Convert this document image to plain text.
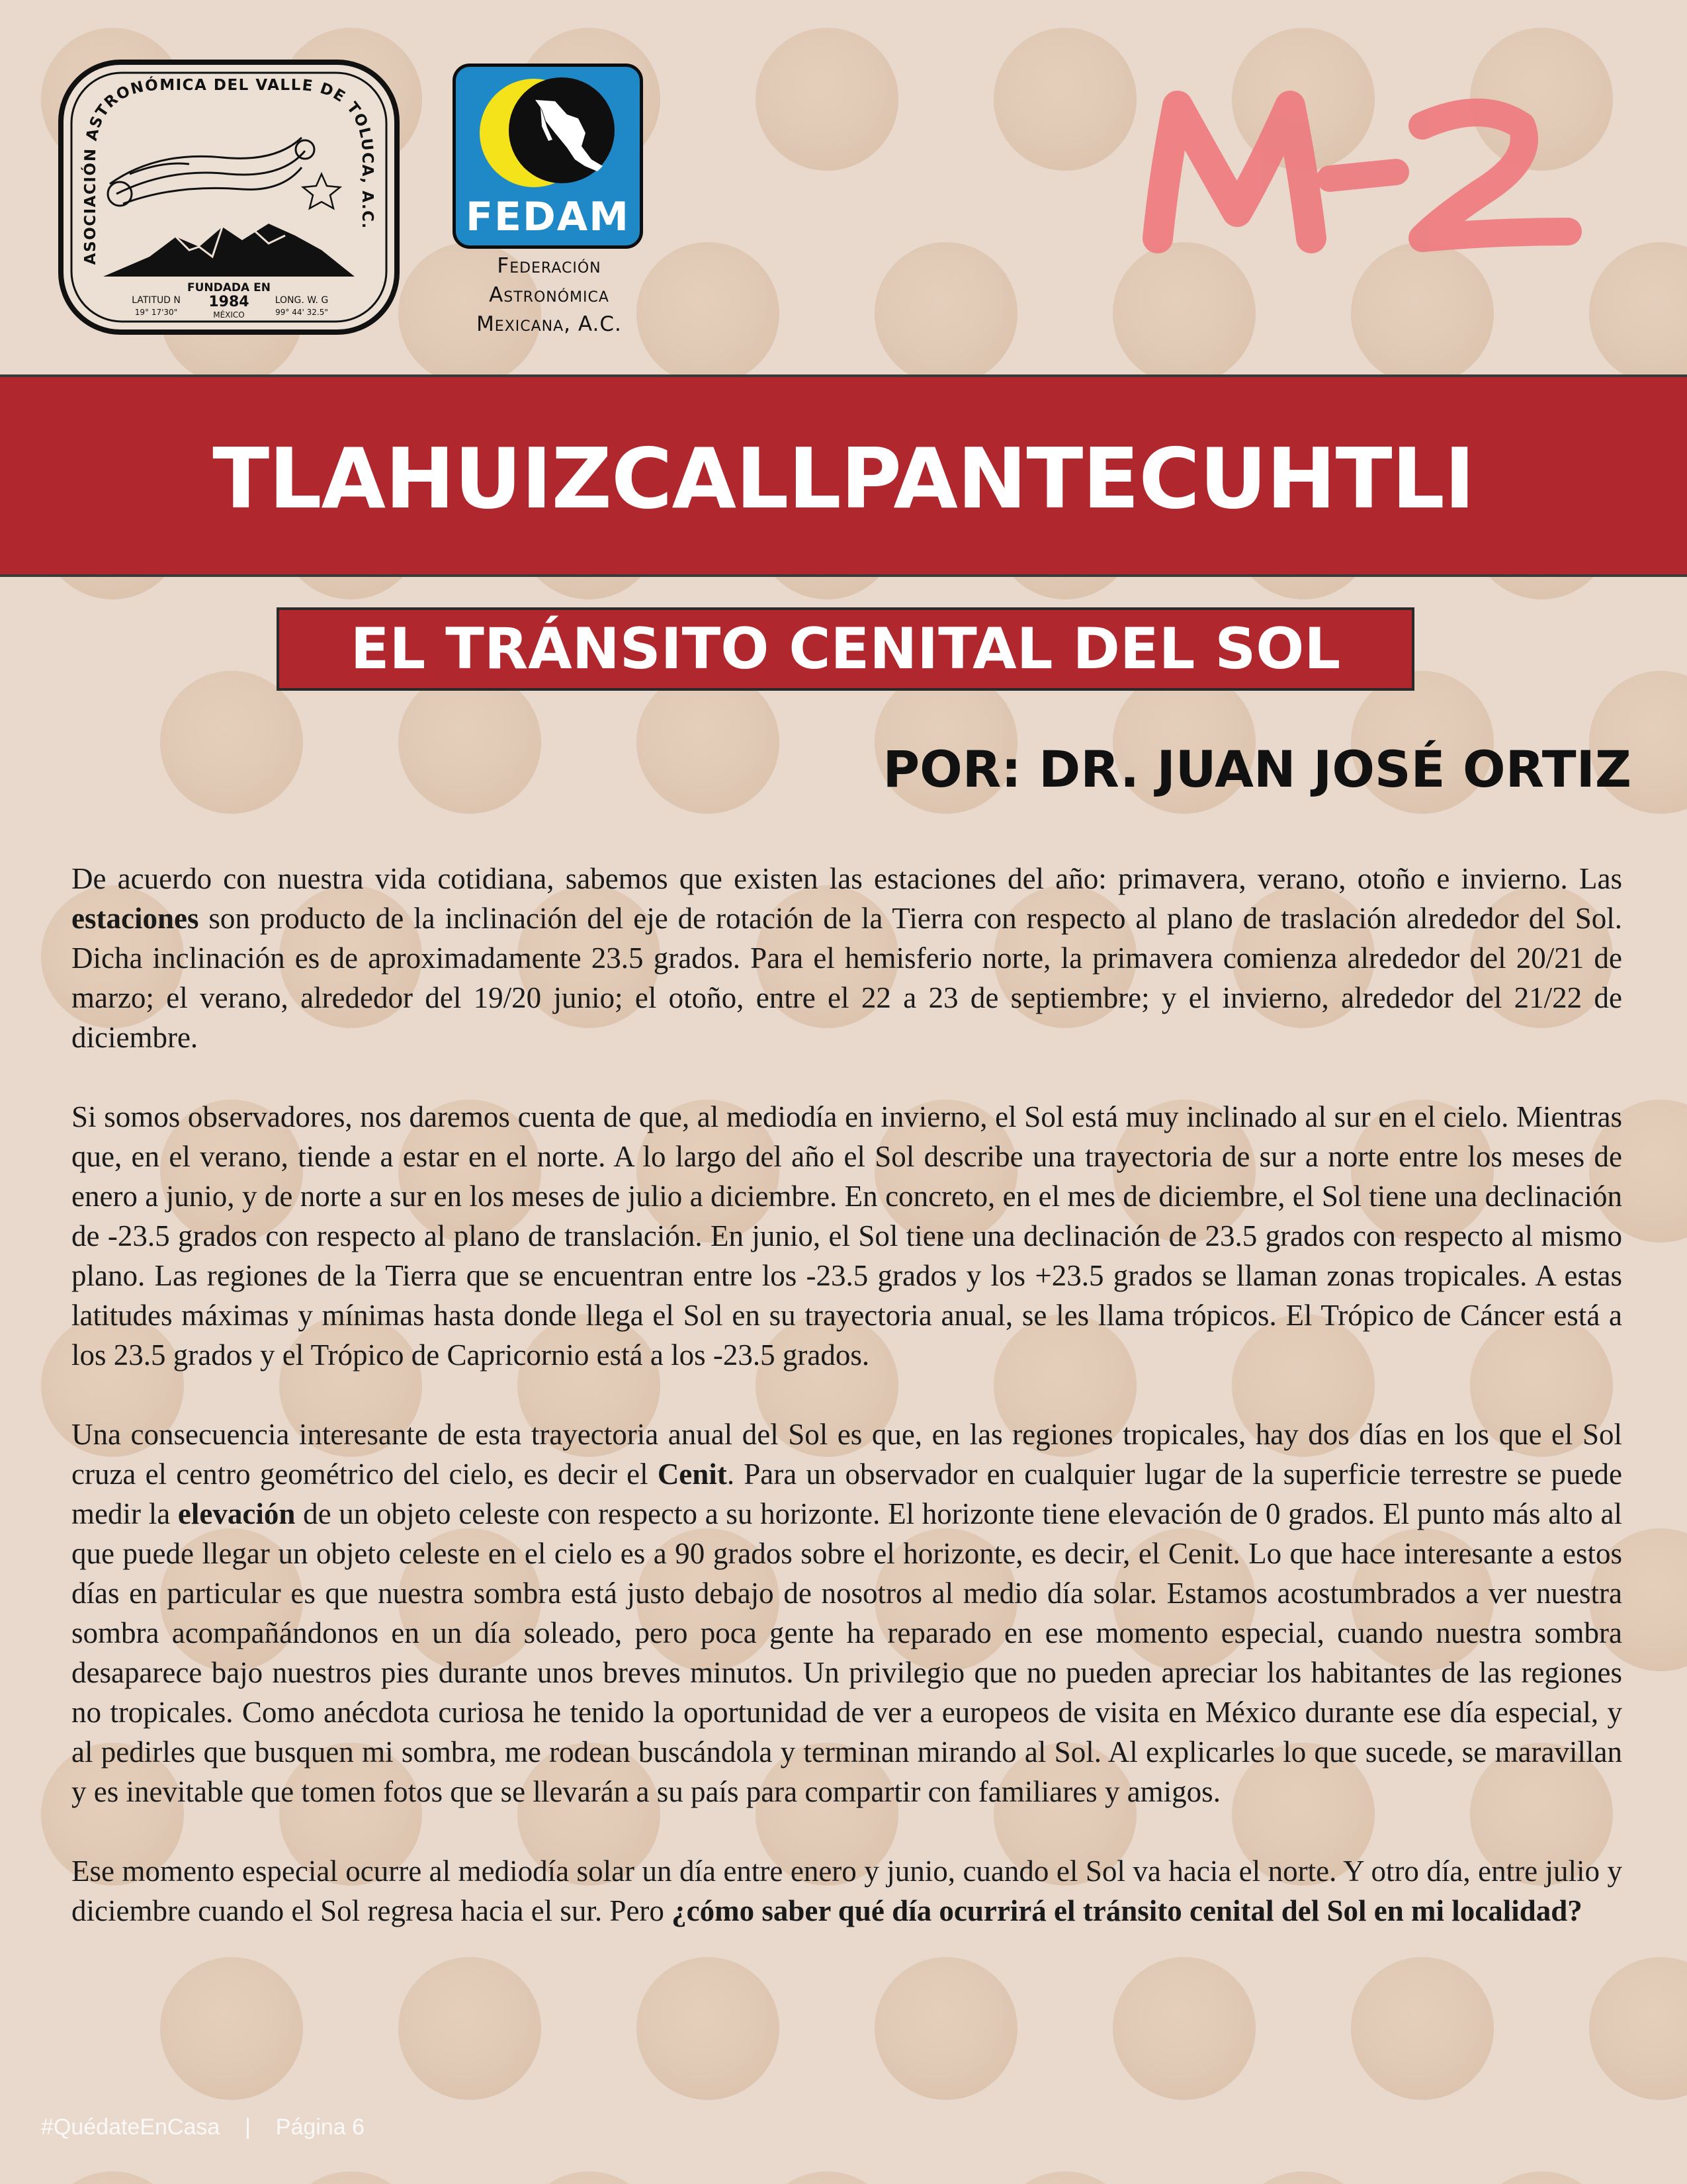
ASOCIACIÓN ASTRONÓMICA DEL VALLE DE TOLUCA, A.C.
FUNDADA EN
1984
MÉXICO
LATITUD N
19° 17'30"
LONG. W. G
99° 44' 32.5"
FEDAM
Federación
Astronómica
Mexicana, A.C.
TLAHUIZCALLPANTECUHTLI
EL TRÁNSITO CENITAL DEL SOL
POR: DR. JUAN JOSÉ ORTIZ

De acuerdo con nuestra vida cotidiana, sabemos que existen las estaciones del año: primavera, verano, otoño e invierno. Las estaciones son producto de la inclinación del eje de rotación de la Tierra con respecto al plano de traslación alrededor del Sol. Dicha inclinación es de aproximadamente 23.5 grados. Para el hemisferio norte, la primavera comienza alrededor del 20/21 de marzo; el verano, alrededor del 19/20 junio; el otoño, entre el 22 a 23 de septiembre; y el invierno, alrededor del 21/22 de diciembre.

Si somos observadores, nos daremos cuenta de que, al mediodía en invierno, el Sol está muy inclinado al sur en el cielo. Mientras que, en el verano, tiende a estar en el norte. A lo largo del año el Sol describe una trayectoria de sur a norte entre los meses de enero a junio, y de norte a sur en los meses de julio a diciembre. En concreto, en el mes de diciembre, el Sol tiene una declinación de -23.5 grados con respecto al plano de translación. En junio, el Sol tiene una declinación de 23.5 grados con respecto al mismo plano. Las regiones de la Tierra que se encuentran entre los -23.5 grados y los +23.5 grados se llaman zonas tropicales. A estas latitudes máximas y mínimas hasta donde llega el Sol en su trayectoria anual, se les llama trópicos. El Trópico de Cáncer está a los 23.5 grados y el Trópico de Capricornio está a los -23.5 grados.

Una consecuencia interesante de esta trayectoria anual del Sol es que, en las regiones tropicales, hay dos días en los que el Sol cruza el centro geométrico del cielo, es decir el Cenit. Para un observador en cualquier lugar de la superficie terrestre se puede medir la elevación de un objeto celeste con respecto a su horizonte. El horizonte tiene elevación de 0 grados. El punto más alto al que puede llegar un objeto celeste en el cielo es a 90 grados sobre el horizonte, es decir, el Cenit. Lo que hace interesante a estos días en particular es que nuestra sombra está justo debajo de nosotros al medio día solar. Estamos acostumbrados a ver nuestra sombra acompañándonos en un día soleado, pero poca gente ha reparado en ese momento especial, cuando nuestra sombra desaparece bajo nuestros pies durante unos breves minutos. Un privilegio que no pueden apreciar los habitantes de las regiones no tropicales. Como anécdota curiosa he tenido la oportunidad de ver a europeos de visita en México durante ese día especial, y al pedirles que busquen mi sombra, me rodean buscándola y terminan mirando al Sol. Al explicarles lo que sucede, se maravillan y es inevitable que tomen fotos que se llevarán a su país para compartir con familiares y amigos.

Ese momento especial ocurre al mediodía solar un día entre enero y junio, cuando el Sol va hacia el norte. Y otro día, entre julio y diciembre cuando el Sol regresa hacia el sur. Pero ¿cómo saber qué día ocurrirá el tránsito cenital del Sol en mi localidad?

#QuédateEnCasa | Página 6
